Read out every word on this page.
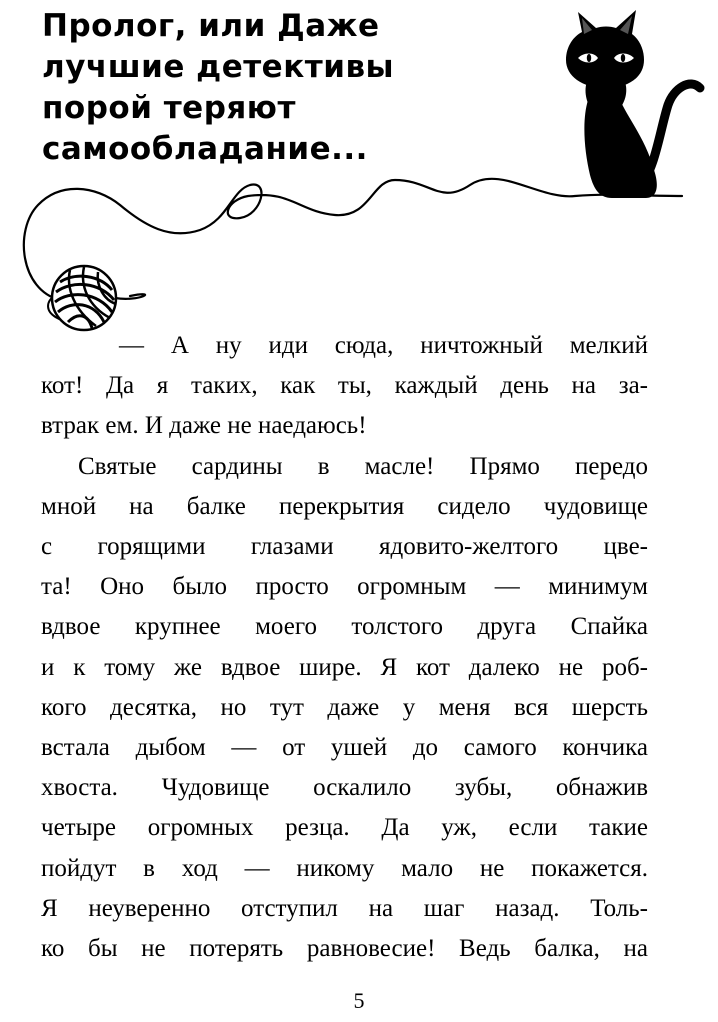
Пролог, или Даже
лучшие детективы
порой теряют
самообладание...
— А ну иди сюда, ничтожный мелкий
кот! Да я таких, как ты, каждый день на за-
втрак ем. И даже не наедаюсь!
Святые сардины в масле! Прямо передо
мной на балке перекрытия сидело чудовище
с горящими глазами ядовито-желтого цве-
та! Оно было просто огромным — минимум
вдвое крупнее моего толстого друга Спайка
и к тому же вдвое шире. Я кот далеко не роб-
кого десятка, но тут даже у меня вся шерсть
встала дыбом — от ушей до самого кончика
хвоста. Чудовище оскалило зубы, обнажив
четыре огромных резца. Да уж, если такие
пойдут в ход — никому мало не покажется.
Я неуверенно отступил на шаг назад. Толь-
ко бы не потерять равновесие! Ведь балка, на
5
